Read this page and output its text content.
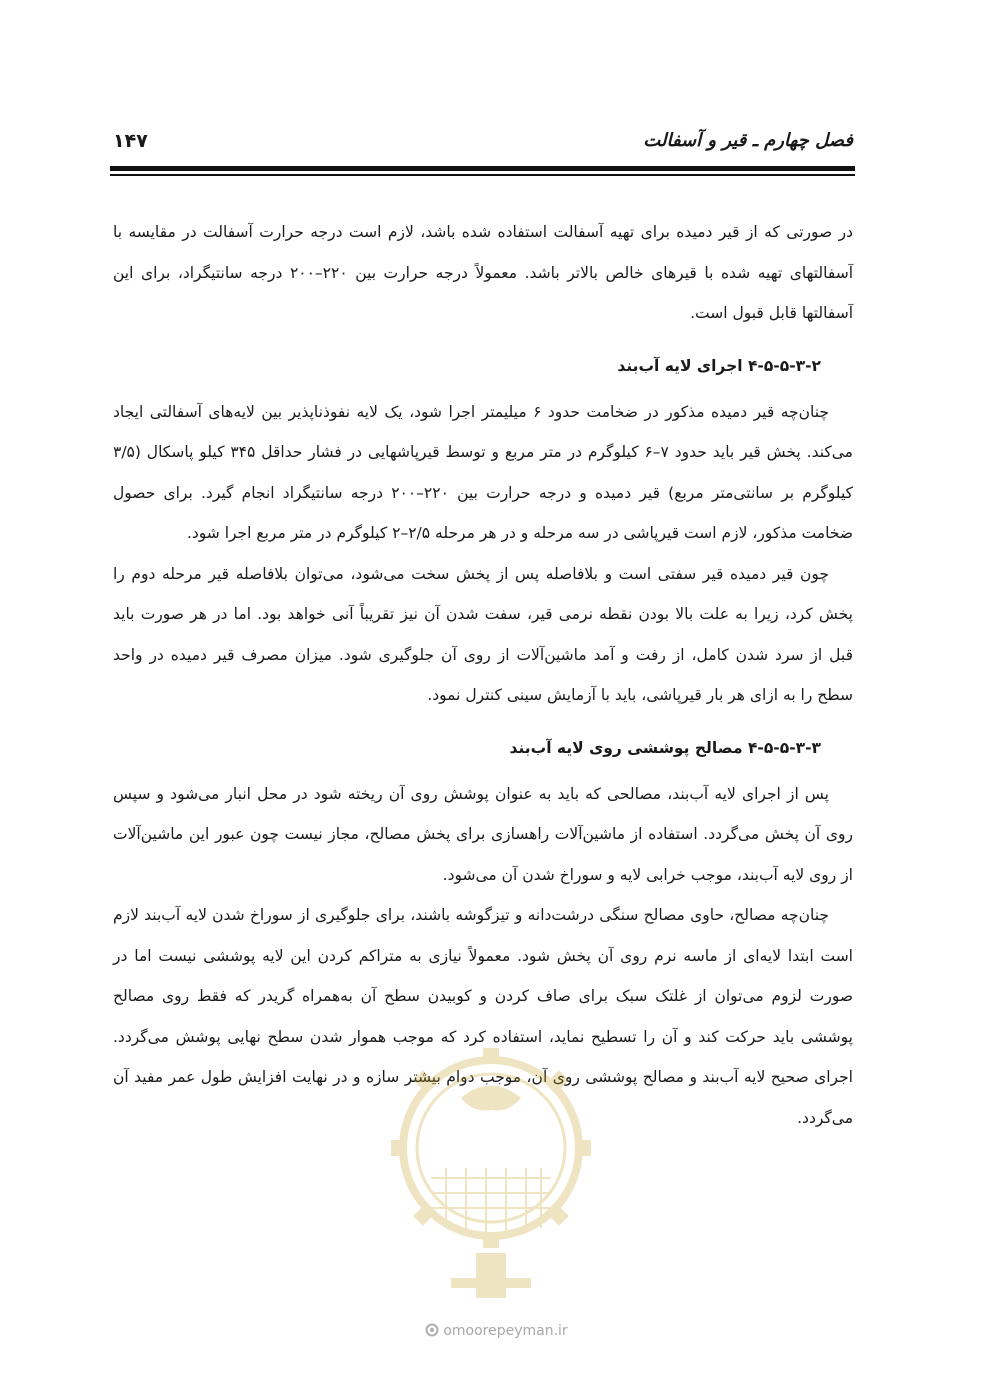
فصل چهارم ـ قیر و آسفالت
۱۴۷

در صورتی که از قیر دمیده برای تهیه آسفالت استفاده شده باشد، لازم است درجه حرارت آسفالت در مقایسه با آسفالتهای تهیه شده با قیرهای خالص بالاتر باشد. معمولاً درجه حرارت بین ۲۲۰–۲۰۰ درجه سانتیگراد، برای این آسفالتها قابل قبول است.

۴-۵-۵-۳-۲ اجرای لایه آب‌بند

چنان‌چه قیر دمیده مذکور در ضخامت حدود ۶ میلیمتر اجرا شود، یک لایه نفوذناپذیر بین لایه‌های آسفالتی ایجاد می‌کند. پخش قیر باید حدود ۷–۶ کیلوگرم در متر مربع و توسط قیرپاشهایی در فشار حداقل ۳۴۵ کیلو پاسکال (۳/۵ کیلوگرم بر سانتی‌متر مربع) قیر دمیده و درجه حرارت بین ۲۲۰–۲۰۰ درجه سانتیگراد انجام گیرد. برای حصول ضخامت مذکور، لازم است قیرپاشی در سه مرحله و در هر مرحله ۲/۵–۲ کیلوگرم در متر مربع اجرا شود.

چون قیر دمیده قیر سفتی است و بلافاصله پس از پخش سخت می‌شود، می‌توان بلافاصله قیر مرحله دوم را پخش کرد، زیرا به علت بالا بودن نقطه نرمی قیر، سفت شدن آن نیز تقریباً آنی خواهد بود. اما در هر صورت باید قبل از سرد شدن کامل، از رفت و آمد ماشین‌آلات از روی آن جلوگیری شود. میزان مصرف قیر دمیده در واحد سطح را به ازای هر بار قیرپاشی، باید با آزمایش سینی کنترل نمود.

۴-۵-۵-۳-۳ مصالح پوششی روی لایه آب‌بند

پس از اجرای لایه آب‌بند، مصالحی که باید به عنوان پوشش روی آن ریخته شود در محل انبار می‌شود و سپس روی آن پخش می‌گردد. استفاده از ماشین‌آلات راهسازی برای پخش مصالح، مجاز نیست چون عبور این ماشین‌آلات از روی لایه آب‌بند، موجب خرابی لایه و سوراخ شدن آن می‌شود.

چنان‌چه مصالح، حاوی مصالح سنگی درشت‌دانه و تیزگوشه باشند، برای جلوگیری از سوراخ شدن لایه آب‌بند لازم است ابتدا لایه‌ای از ماسه نرم روی آن پخش شود. معمولاً نیازی به متراکم کردن این لایه پوششی نیست اما در صورت لزوم می‌توان از غلتک سبک برای صاف کردن و کوبیدن سطح آن به‌همراه گریدر که فقط روی مصالح پوششی باید حرکت کند و آن را تسطیح نماید، استفاده کرد که موجب هموار شدن سطح نهایی پوشش می‌گردد. اجرای صحیح لایه آب‌بند و مصالح پوششی روی آن، موجب دوام بیشتر سازه و در نهایت افزایش طول عمر مفید آن می‌گردد.

omoorepeyman.ir
